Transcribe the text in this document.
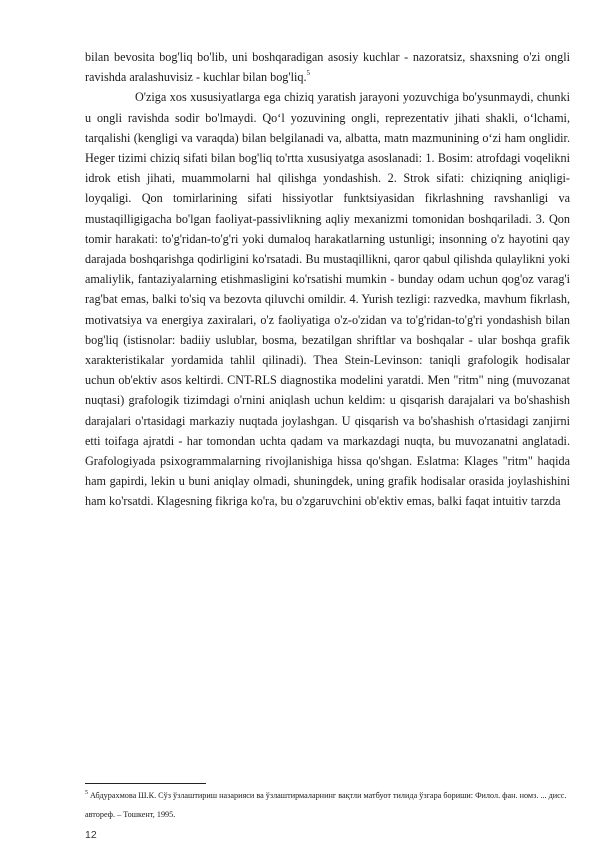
bilan bevosita bog'liq bo'lib, uni boshqaradigan asosiy kuchlar - nazoratsiz, shaxsning o'zi ongli ravishda aralashuvisiz - kuchlar bilan bog'liq.$^5$

O'ziga xos xususiyatlarga ega chiziq yaratish jarayoni yozuvchiga bo'ysunmaydi, chunki u ongli ravishda sodir bo'lmaydi. Qo‘l yozuvining ongli, reprezentativ jihati shakli, o‘lchami, tarqalishi (kengligi va varaqda) bilan belgilanadi va, albatta, matn mazmunining o‘zi ham onglidir. Heger tizimi chiziq sifati bilan bog'liq to'rtta xususiyatga asoslanadi: 1. Bosim: atrofdagi voqelikni idrok etish jihati, muammolarni hal qilishga yondashish. 2. Strok sifati: chiziqning aniqligi-loyqaligi. Qon tomirlarining sifati hissiyotlar funktsiyasidan fikrlashning ravshanligi va mustaqilligigacha bo'lgan faoliyat-passivlikning aqliy mexanizmi tomonidan boshqariladi. 3. Qon tomir harakati: to'g'ridan-to'g'ri yoki dumaloq harakatlarning ustunligi; insonning o'z hayotini qay darajada boshqarishga qodirligini ko'rsatadi. Bu mustaqillikni, qaror qabul qilishda qulaylikni yoki amaliylik, fantaziyalarning etishmasligini ko'rsatishi mumkin - bunday odam uchun qog'oz varag'i rag'bat emas, balki to'siq va bezovta qiluvchi omildir. 4. Yurish tezligi: razvedka, mavhum fikrlash, motivatsiya va energiya zaxiralari, o'z faoliyatiga o'z-o'zidan va to'g'ridan-to'g'ri yondashish bilan bog'liq (istisnolar: badiiy uslublar, bosma, bezatilgan shriftlar va boshqalar - ular boshqa grafik xarakteristikalar yordamida tahlil qilinadi). Thea Stein-Levinson: taniqli grafologik hodisalar uchun ob'ektiv asos keltirdi. CNT-RLS diagnostika modelini yaratdi. Men "ritm" ning (muvozanat nuqtasi) grafologik tizimdagi o'rnini aniqlash uchun keldim: u qisqarish darajalari va bo'shashish darajalari o'rtasidagi markaziy nuqtada joylashgan. U qisqarish va bo'shashish o'rtasidagi zanjirni etti toifaga ajratdi - har tomondan uchta qadam va markazdagi nuqta, bu muvozanatni anglatadi. Grafologiyada psixogrammalarning rivojlanishiga hissa qo'shgan. Eslatma: Klages "ritm" haqida ham gapirdi, lekin u buni aniqlay olmadi, shuningdek, uning grafik hodisalar orasida joylashishini ham ko'rsatdi. Klagesning fikriga ko'ra, bu o'zgaruvchini ob'ektiv emas, balki faqat intuitiv tarzda

$^5$ Абдурахмова Ш.К. Сўз ўзлаштириш назарияси ва ўзлаштирмаларнинг вақтли матбуот тилида ўзгара бориши: Филол. фан. номз. ... дисс. автореф. – Тошкент, 1995.
12
